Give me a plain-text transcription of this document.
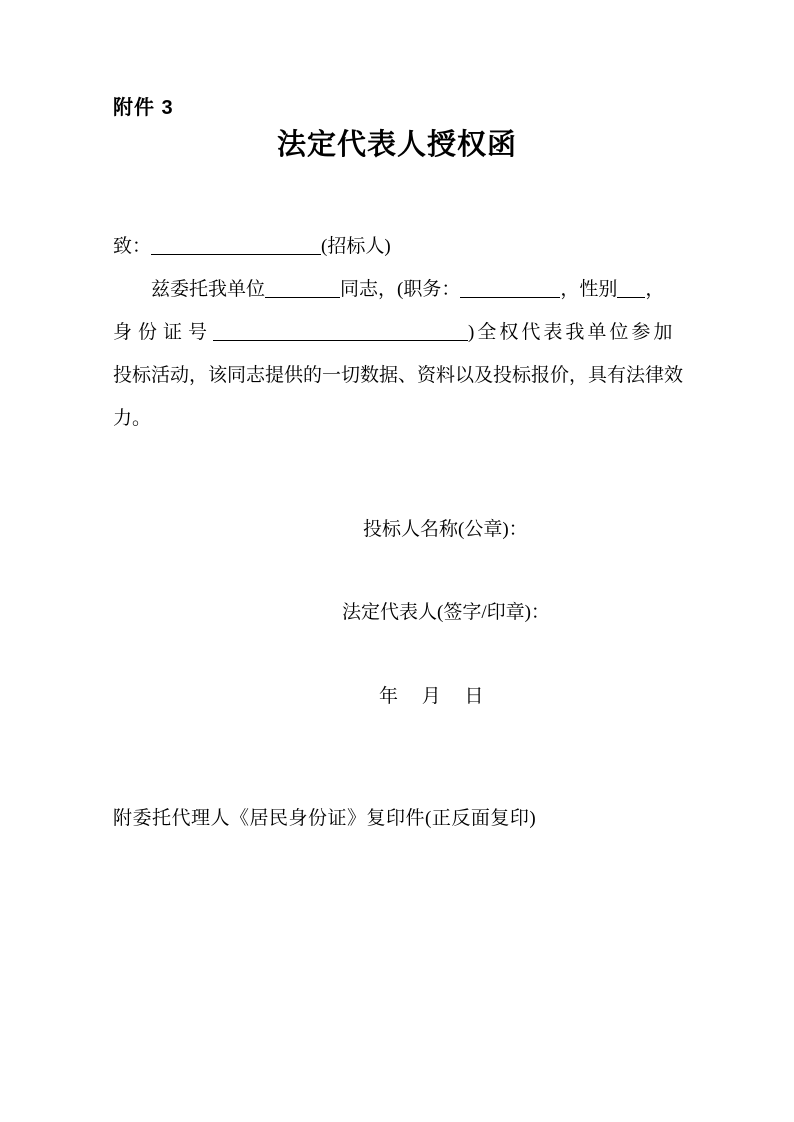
附件 3
法定代表人授权函
致：	(招标人)
兹委托我单位	同志，(职务：	，性别 ，
身份证号	)全权代表我单位参加
投标活动，该同志提供的一切数据、资料以及投标报价，具有法律效
力。
投标人名称(公章)：
法定代表人(签字/印章)：
年 月 日
附委托代理人《居民身份证》复印件(正反面复印)
